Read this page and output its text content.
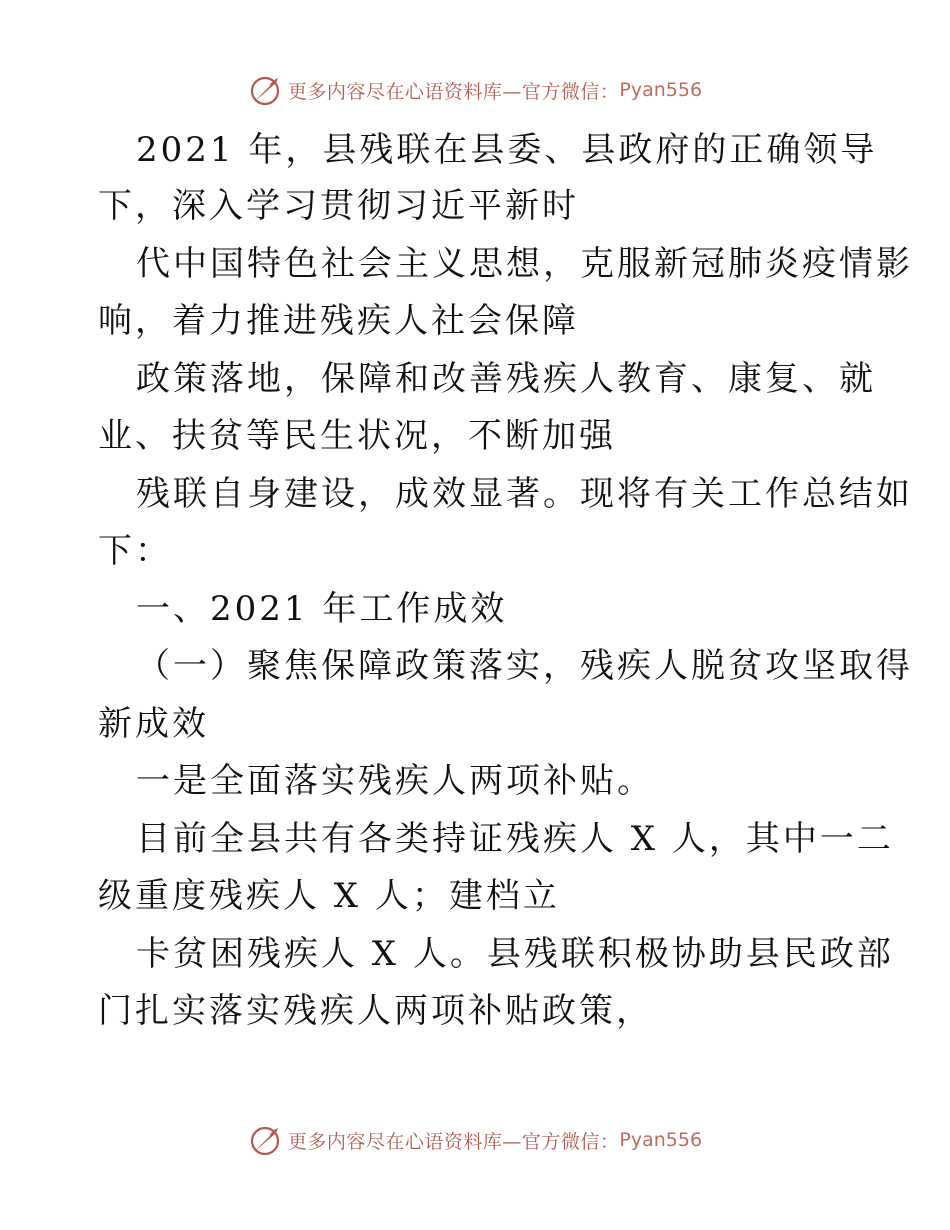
更多内容尽在心语资料库—官方微信： Pyan556
2021 年，县残联在县委、县政府的正确领导
下，深入学习贯彻习近平新时
代中国特色社会主义思想，克服新冠肺炎疫情影
响，着力推进残疾人社会保障
政策落地，保障和改善残疾人教育、康复、就
业、扶贫等民生状况，不断加强
残联自身建设，成效显著。现将有关工作总结如
下：
一、2021 年工作成效
（一）聚焦保障政策落实，残疾人脱贫攻坚取得
新成效
一是全面落实残疾人两项补贴。
目前全县共有各类持证残疾人 X 人，其中一二
级重度残疾人 X 人；建档立
卡贫困残疾人 X 人。县残联积极协助县民政部
门扎实落实残疾人两项补贴政策，
更多内容尽在心语资料库—官方微信： Pyan556
